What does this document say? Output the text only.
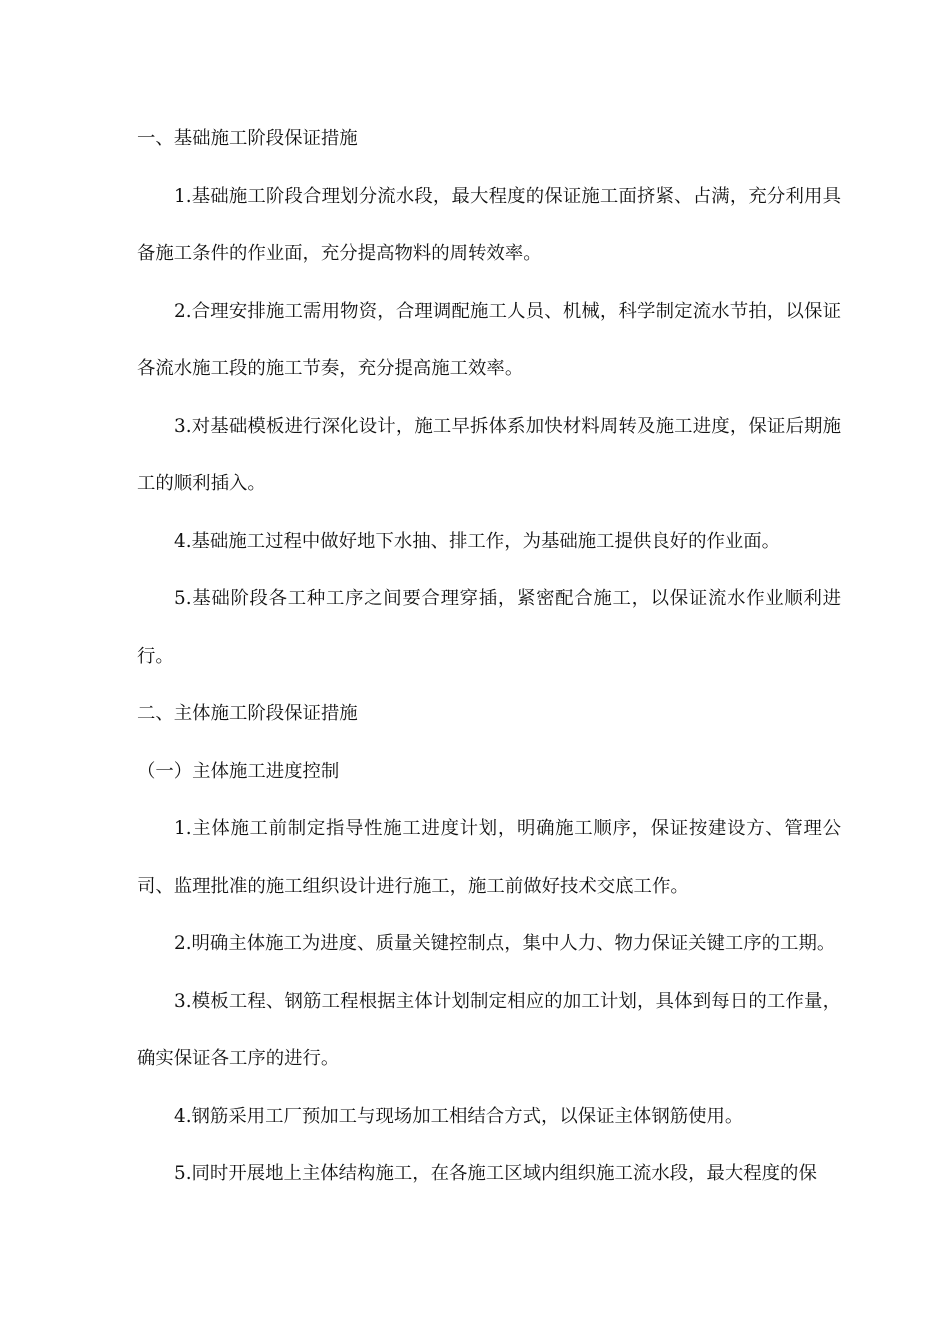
一、基础施工阶段保证措施

1.基础施工阶段合理划分流水段，最大程度的保证施工面挤紧、占满，充分利用具备施工条件的作业面，充分提高物料的周转效率。

2.合理安排施工需用物资，合理调配施工人员、机械，科学制定流水节拍，以保证各流水施工段的施工节奏，充分提高施工效率。

3.对基础模板进行深化设计，施工早拆体系加快材料周转及施工进度，保证后期施工的顺利插入。

4.基础施工过程中做好地下水抽、排工作，为基础施工提供良好的作业面。

5.基础阶段各工种工序之间要合理穿插，紧密配合施工，以保证流水作业顺利进行。

二、主体施工阶段保证措施

（一）主体施工进度控制

1.主体施工前制定指导性施工进度计划，明确施工顺序，保证按建设方、管理公司、监理批准的施工组织设计进行施工，施工前做好技术交底工作。

2.明确主体施工为进度、质量关键控制点，集中人力、物力保证关键工序的工期。

3.模板工程、钢筋工程根据主体计划制定相应的加工计划，具体到每日的工作量，确实保证各工序的进行。

4.钢筋采用工厂预加工与现场加工相结合方式，以保证主体钢筋使用。

5.同时开展地上主体结构施工，在各施工区域内组织施工流水段，最大程度的保
